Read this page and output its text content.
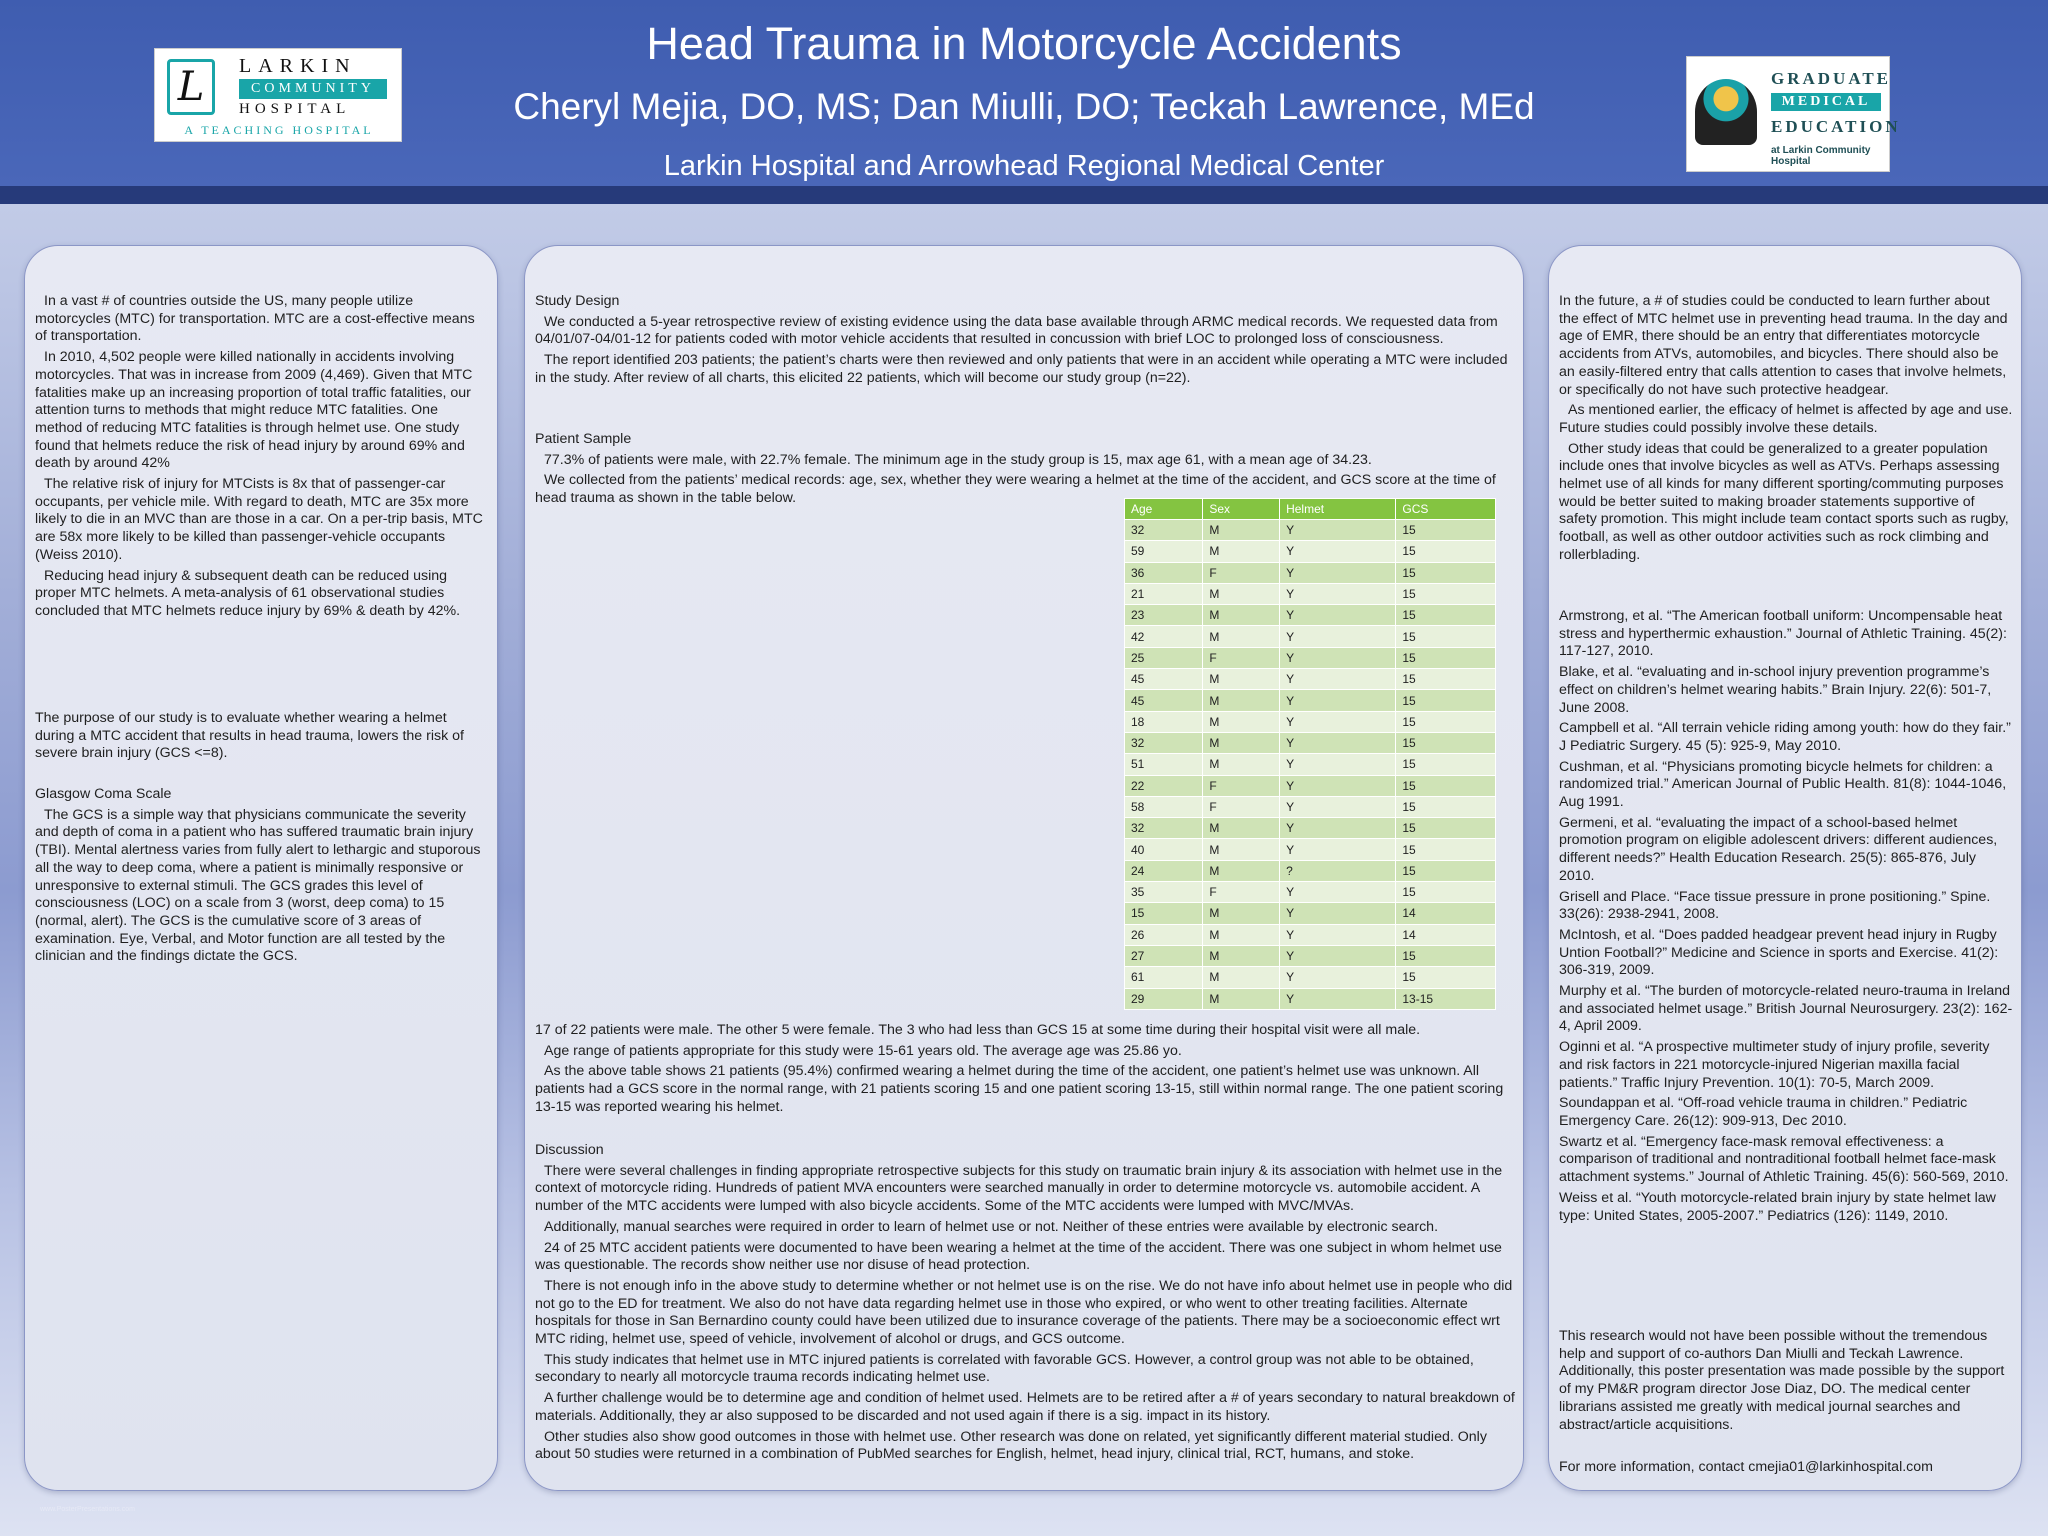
L	LARKIN
COMMUNITY
HOSPITAL
A TEACHING HOSPITAL
Head Trauma in Motorcycle Accidents
Cheryl Mejia, DO, MS; Dan Miulli, DO; Teckah Lawrence, MEd
Larkin Hospital and Arrowhead Regional Medical Center
GRADUATE
MEDICAL
EDUCATION
at Larkin Community Hospital

In a vast # of countries outside the US, many people utilize motorcycles (MTC) for transportation. MTC are a cost-effective means of transportation.

In 2010, 4,502 people were killed nationally in accidents involving motorcycles. That was in increase from 2009 (4,469). Given that MTC fatalities make up an increasing proportion of total traffic fatalities, our attention turns to methods that might reduce MTC fatalities. One method of reducing MTC fatalities is through helmet use. One study found that helmets reduce the risk of head injury by around 69% and death by around 42%

The relative risk of injury for MTCists is 8x that of passenger-car occupants, per vehicle mile. With regard to death, MTC are 35x more likely to die in an MVC than are those in a car. On a per-trip basis, MTC are 58x more likely to be killed than passenger-vehicle occupants (Weiss 2010).

Reducing head injury & subsequent death can be reduced using proper MTC helmets. A meta-analysis of 61 observational studies concluded that MTC helmets reduce injury by 69% & death by 42%.

The purpose of our study is to evaluate whether wearing a helmet during a MTC accident that results in head trauma, lowers the risk of severe brain injury (GCS <=8).

Glasgow Coma Scale

The GCS is a simple way that physicians communicate the severity and depth of coma in a patient who has suffered traumatic brain injury (TBI). Mental alertness varies from fully alert to lethargic and stuporous all the way to deep coma, where a patient is minimally responsive or unresponsive to external stimuli. The GCS grades this level of consciousness (LOC) on a scale from 3 (worst, deep coma) to 15 (normal, alert). The GCS is the cumulative score of 3 areas of examination. Eye, Verbal, and Motor function are all tested by the clinician and the findings dictate the GCS.

Study Design

We conducted a 5-year retrospective review of existing evidence using the data base available through ARMC medical records. We requested data from 04/01/07-04/01-12 for patients coded with motor vehicle accidents that resulted in concussion with brief LOC to prolonged loss of consciousness.

The report identified 203 patients; the patient’s charts were then reviewed and only patients that were in an accident while operating a MTC were included in the study. After review of all charts, this elicited 22 patients, which will become our study group (n=22).

Patient Sample

77.3% of patients were male, with 22.7% female. The minimum age in the study group is 15, max age 61, with a mean age of 34.23.

We collected from the patients’ medical records: age, sex, whether they were wearing a helmet at the time of the accident, and GCS score at the time of head trauma as shown in the table below.

17 of 22 patients were male. The other 5 were female. The 3 who had less than GCS 15 at some time during their hospital visit were all male.

Age range of patients appropriate for this study were 15-61 years old. The average age was 25.86 yo.

As the above table shows 21 patients (95.4%) confirmed wearing a helmet during the time of the accident, one patient’s helmet use was unknown. All patients had a GCS score in the normal range, with 21 patients scoring 15 and one patient scoring 13-15, still within normal range. The one patient scoring 13-15 was reported wearing his helmet.

Discussion

There were several challenges in finding appropriate retrospective subjects for this study on traumatic brain injury & its association with helmet use in the context of motorcycle riding. Hundreds of patient MVA encounters were searched manually in order to determine motorcycle vs. automobile accident. A number of the MTC accidents were lumped with also bicycle accidents. Some of the MTC accidents were lumped with MVC/MVAs.

Additionally, manual searches were required in order to learn of helmet use or not. Neither of these entries were available by electronic search.

24 of 25 MTC accident patients were documented to have been wearing a helmet at the time of the accident. There was one subject in whom helmet use was questionable. The records show neither use nor disuse of head protection.

There is not enough info in the above study to determine whether or not helmet use is on the rise. We do not have info about helmet use in people who did not go to the ED for treatment. We also do not have data regarding helmet use in those who expired, or who went to other treating facilities. Alternate hospitals for those in San Bernardino county could have been utilized due to insurance coverage of the patients. There may be a socioeconomic effect wrt MTC riding, helmet use, speed of vehicle, involvement of alcohol or drugs, and GCS outcome.

This study indicates that helmet use in MTC injured patients is correlated with favorable GCS. However, a control group was not able to be obtained, secondary to nearly all motorcycle trauma records indicating helmet use.

A further challenge would be to determine age and condition of helmet used. Helmets are to be retired after a # of years secondary to natural breakdown of materials. Additionally, they ar also supposed to be discarded and not used again if there is a sig. impact in its history.

Other studies also show good outcomes in those with helmet use. Other research was done on related, yet significantly different material studied. Only about 50 studies were returned in a combination of PubMed searches for English, helmet, head injury, clinical trial, RCT, humans, and stoke.

Age	Sex	Helmet	GCS
32	M	Y	15
59	M	Y	15
36	F	Y	15
21	M	Y	15
23	M	Y	15
42	M	Y	15
25	F	Y	15
45	M	Y	15
45	M	Y	15
18	M	Y	15
32	M	Y	15
51	M	Y	15
22	F	Y	15
58	F	Y	15
32	M	Y	15
40	M	Y	15
24	M	?	15
35	F	Y	15
15	M	Y	14
26	M	Y	14
27	M	Y	15
61	M	Y	15
29	M	Y	13-15

In the future, a # of studies could be conducted to learn further about the effect of MTC helmet use in preventing head trauma. In the day and age of EMR, there should be an entry that differentiates motorcycle accidents from ATVs, automobiles, and bicycles. There should also be an easily-filtered entry that calls attention to cases that involve helmets, or specifically do not have such protective headgear.

As mentioned earlier, the efficacy of helmet is affected by age and use. Future studies could possibly involve these details.

Other study ideas that could be generalized to a greater population include ones that involve bicycles as well as ATVs. Perhaps assessing helmet use of all kinds for many different sporting/commuting purposes would be better suited to making broader statements supportive of safety promotion. This might include team contact sports such as rugby, football, as well as other outdoor activities such as rock climbing and rollerblading.

Armstrong, et al. “The American football uniform: Uncompensable heat stress and hyperthermic exhaustion.” Journal of Athletic Training. 45(2): 117-127, 2010.

Blake, et al. “evaluating and in-school injury prevention programme’s effect on children’s helmet wearing habits.” Brain Injury. 22(6): 501-7, June 2008.

Campbell et al. “All terrain vehicle riding among youth: how do they fair.” J Pediatric Surgery. 45 (5): 925-9, May 2010.

Cushman, et al. “Physicians promoting bicycle helmets for children: a randomized trial.” American Journal of Public Health. 81(8): 1044-1046, Aug 1991.

Germeni, et al. “evaluating the impact of a school-based helmet promotion program on eligible adolescent drivers: different audiences, different needs?” Health Education Research. 25(5): 865-876, July 2010.

Grisell and Place. “Face tissue pressure in prone positioning.” Spine. 33(26): 2938-2941, 2008.

McIntosh, et al. “Does padded headgear prevent head injury in Rugby Untion Football?” Medicine and Science in sports and Exercise. 41(2): 306-319, 2009.

Murphy et al. “The burden of motorcycle-related neuro-trauma in Ireland and associated helmet usage.” British Journal Neurosurgery. 23(2): 162-4, April 2009.

Oginni et al. “A prospective multimeter study of injury profile, severity and risk factors in 221 motorcycle-injured Nigerian maxilla facial patients.” Traffic Injury Prevention. 10(1): 70-5, March 2009.

Soundappan et al. “Off-road vehicle trauma in children.” Pediatric Emergency Care. 26(12): 909-913, Dec 2010.

Swartz et al. “Emergency face-mask removal effectiveness: a comparison of traditional and nontraditional football helmet face-mask attachment systems.” Journal of Athletic Training. 45(6): 560-569, 2010.

Weiss et al. “Youth motorcycle-related brain injury by state helmet law type: United States, 2005-2007.” Pediatrics (126): 1149, 2010.

This research would not have been possible without the tremendous help and support of co-authors Dan Miulli and Teckah Lawrence. Additionally, this poster presentation was made possible by the support of my PM&R program director Jose Diaz, DO. The medical center librarians assisted me greatly with medical journal searches and abstract/article acquisitions.

For more information, contact cmejia01@larkinhospital.com

www.PosterPresentations.com
